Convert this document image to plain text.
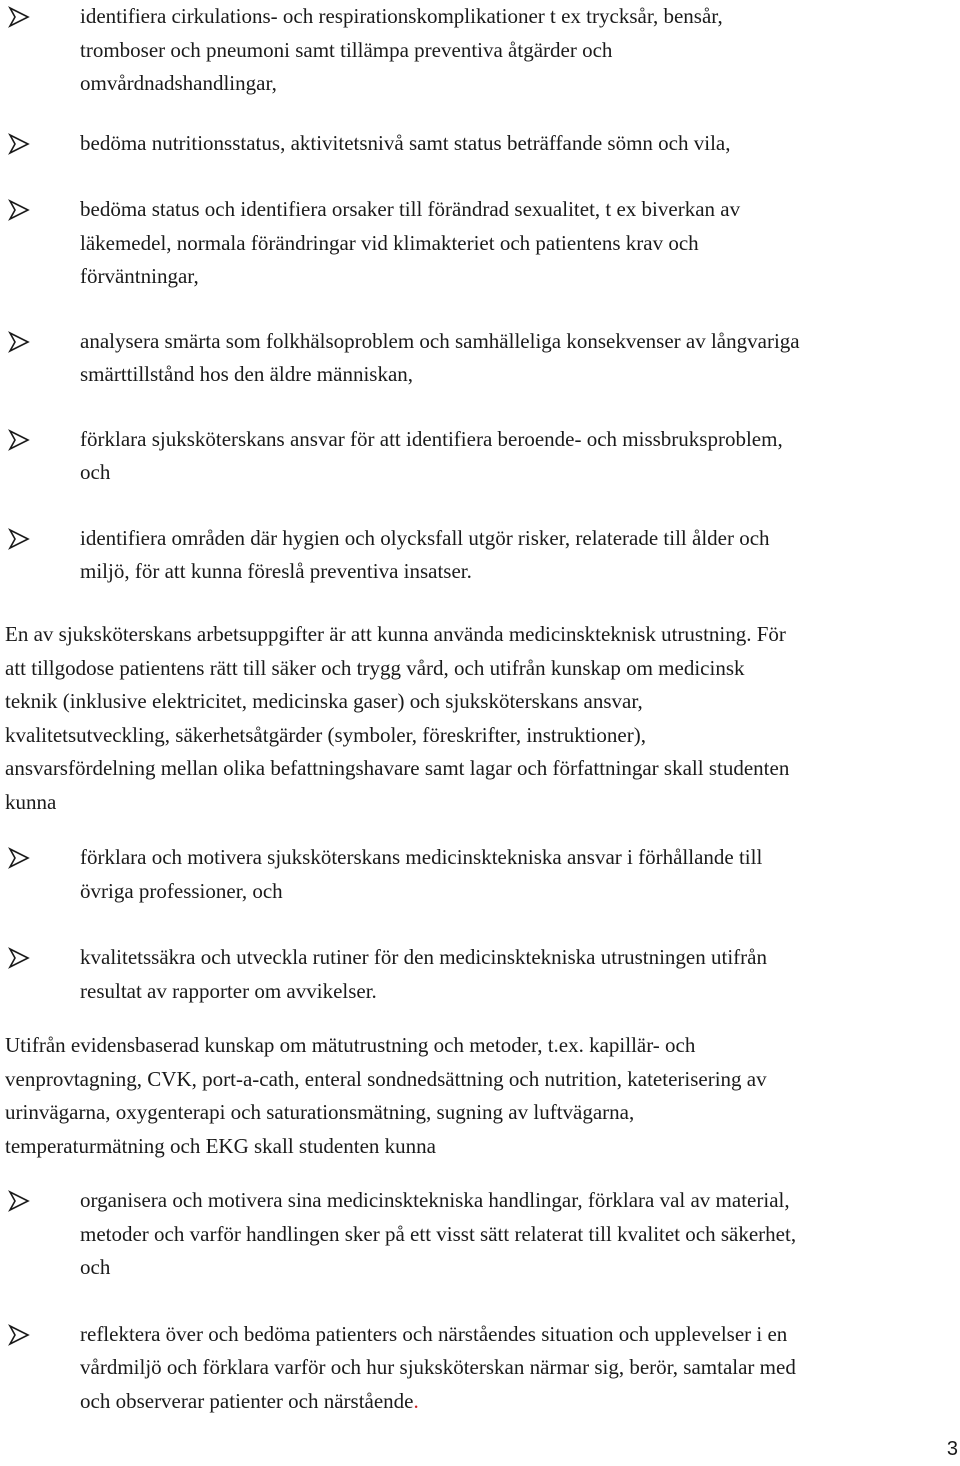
identifiera cirkulations- och respirationskomplikationer t ex trycksår, bensår,
tromboser och pneumoni samt tillämpa preventiva åtgärder och
omvårdnadshandlingar,
bedöma nutritionsstatus, aktivitetsnivå samt status beträffande sömn och vila,
bedöma status och identifiera orsaker till förändrad sexualitet, t ex biverkan av
läkemedel, normala förändringar vid klimakteriet och patientens krav och
förväntningar,
analysera smärta som folkhälsoproblem och samhälleliga konsekvenser av långvariga
smärttillstånd hos den äldre människan,
förklara sjuksköterskans ansvar för att identifiera beroende- och missbruksproblem,
och
identifiera områden där hygien och olycksfall utgör risker, relaterade till ålder och
miljö, för att kunna föreslå preventiva insatser.
En av sjuksköterskans arbetsuppgifter är att kunna använda medicinskteknisk utrustning. För
att tillgodose patientens rätt till säker och trygg vård, och utifrån kunskap om medicinsk
teknik (inklusive elektricitet, medicinska gaser) och sjuksköterskans ansvar,
kvalitetsutveckling, säkerhetsåtgärder (symboler, föreskrifter, instruktioner),
ansvarsfördelning mellan olika befattningshavare samt lagar och författningar skall studenten
kunna
förklara och motivera sjuksköterskans medicinsktekniska ansvar i förhållande till
övriga professioner, och
kvalitetssäkra och utveckla rutiner för den medicinsktekniska utrustningen utifrån
resultat av rapporter om avvikelser.
Utifrån evidensbaserad kunskap om mätutrustning och metoder, t.ex. kapillär- och
venprovtagning, CVK, port-a-cath, enteral sondnedsättning och nutrition, kateterisering av
urinvägarna, oxygenterapi och saturationsmätning, sugning av luftvägarna,
temperaturmätning och EKG skall studenten kunna
organisera och motivera sina medicinsktekniska handlingar, förklara val av material,
metoder och varför handlingen sker på ett visst sätt relaterat till kvalitet och säkerhet,
och
reflektera över och bedöma patienters och närståendes situation och upplevelser i en
vårdmiljö och förklara varför och hur sjuksköterskan närmar sig, berör, samtalar med
och observerar patienter och närstående.
3
